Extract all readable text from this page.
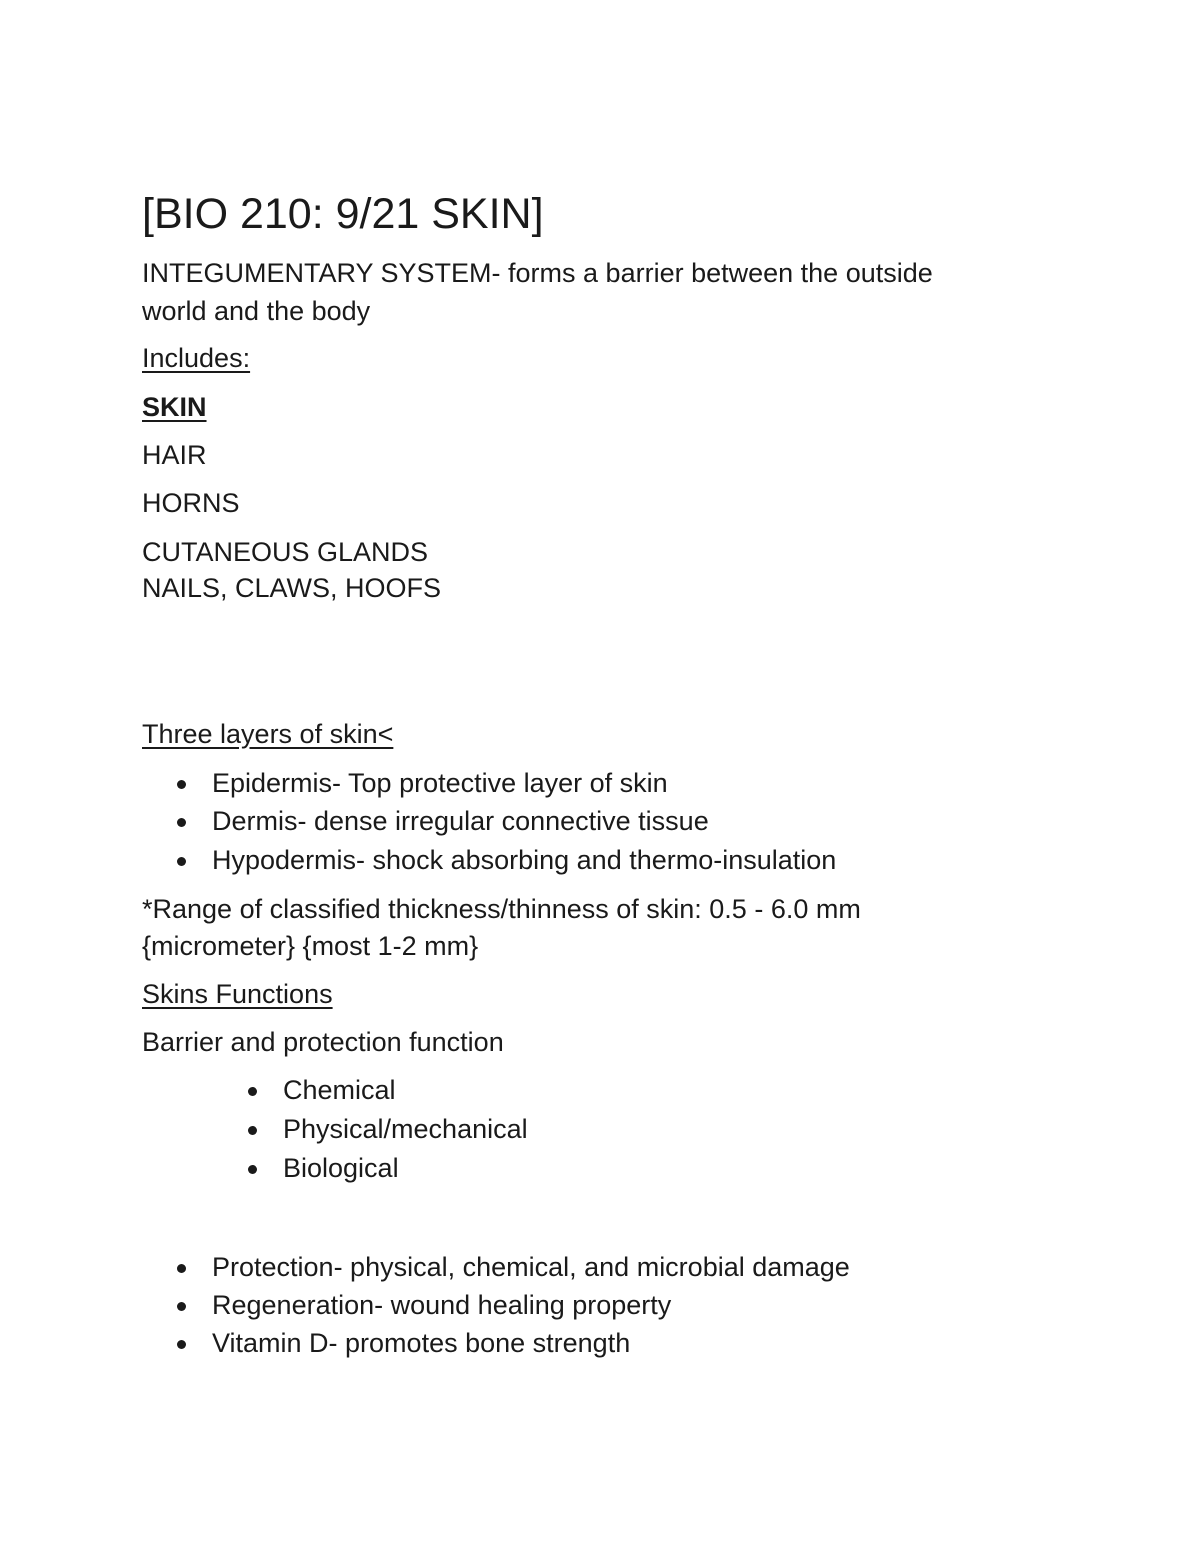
[BIO 210: 9/21 SKIN]
INTEGUMENTARY SYSTEM- forms a barrier between the outside
world and the body
Includes:
SKIN
HAIR
HORNS
CUTANEOUS GLANDS
NAILS, CLAWS, HOOFS
Three layers of skin<
Epidermis- Top protective layer of skin
Dermis- dense irregular connective tissue
Hypodermis- shock absorbing and thermo-insulation
*Range of classified thickness/thinness of skin: 0.5 - 6.0 mm
{micrometer} {most 1-2 mm}
Skins Functions
Barrier and protection function
Chemical
Physical/mechanical
Biological
Protection- physical, chemical, and microbial damage
Regeneration- wound healing property
Vitamin D- promotes bone strength
